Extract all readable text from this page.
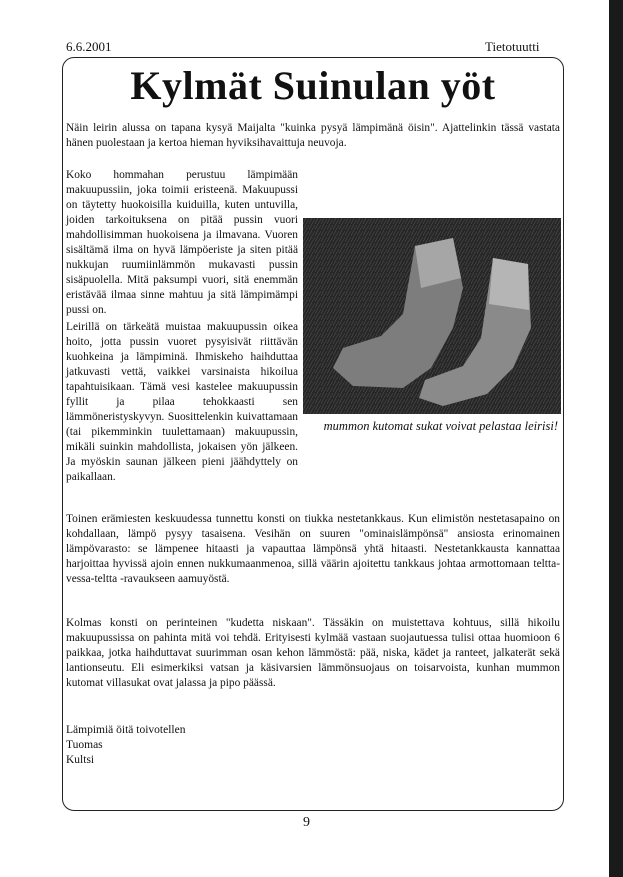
6.6.2001	Tietotuutti
Kylmät Suinulan yöt

Näin leirin alussa on tapana kysyä Maijalta "kuinka pysyä lämpimänä öisin". Ajattelinkin tässä vastata hänen puolestaan ja kertoa hieman hyviksihavaittuja neuvoja.

Koko hommahan perustuu lämpimään makuupussiin, joka toimii eristeenä. Makuupussi on täytetty huokoisilla kuiduilla, kuten untuvilla, joiden tarkoituksena on pitää pussin vuori mahdollisimman huokoisena ja ilmavana. Vuoren sisältämä ilma on hyvä lämpöeriste ja siten pitää nukkujan ruumiinlämmön mukavasti pussin sisäpuolella. Mitä paksumpi vuori, sitä enemmän eristävää ilmaa sinne mahtuu ja sitä lämpimämpi pussi on.

Leirillä on tärkeätä muistaa makuupussin oikea hoito, jotta pussin vuoret pysyisivät riittävän kuohkeina ja lämpiminä. Ihmiskeho haihduttaa jatkuvasti vettä, vaikkei varsinaista hikoilua tapahtuisikaan. Tämä vesi kastelee makuupussin fyllit ja pilaa tehokkaasti sen lämmöneristyskyvyn. Suosittelenkin kuivattamaan (tai pikemminkin tuulettamaan) makuupussin, mikäli suinkin mahdollista, jokaisen yön jälkeen. Ja myöskin saunan jälkeen pieni jäähdyttely on paikallaan.

mummon kutomat sukat voivat pelastaa leirisi!

Toinen erämiesten keskuudessa tunnettu konsti on tiukka nestetankkaus. Kun elimistön nestetasapaino on kohdallaan, lämpö pysyy tasaisena. Vesihän on suuren "ominaislämpönsä" ansiosta erinomainen lämpövarasto: se lämpenee hitaasti ja vapauttaa lämpönsä yhtä hitaasti. Nestetankkausta kannattaa harjoittaa hyvissä ajoin ennen nukkumaanmenoa, sillä väärin ajoitettu tankkaus johtaa armottomaan teltta-vessa-teltta -ravaukseen aamuyöstä.

Kolmas konsti on perinteinen "kudetta niskaan". Tässäkin on muistettava kohtuus, sillä hikoilu makuupussissa on pahinta mitä voi tehdä. Erityisesti kylmää vastaan suojautuessa tulisi ottaa huomioon 6 paikkaa, jotka haihduttavat suurimman osan kehon lämmöstä: pää, niska, kädet ja ranteet, jalkaterät sekä lantionseutu. Eli esimerkiksi vatsan ja käsivarsien lämmönsuojaus on toisarvoista, kunhan mummon kutomat villasukat ovat jalassa ja pipo päässä.

Lämpimiä öitä toivotellen

Tuomas

Kultsi

9
